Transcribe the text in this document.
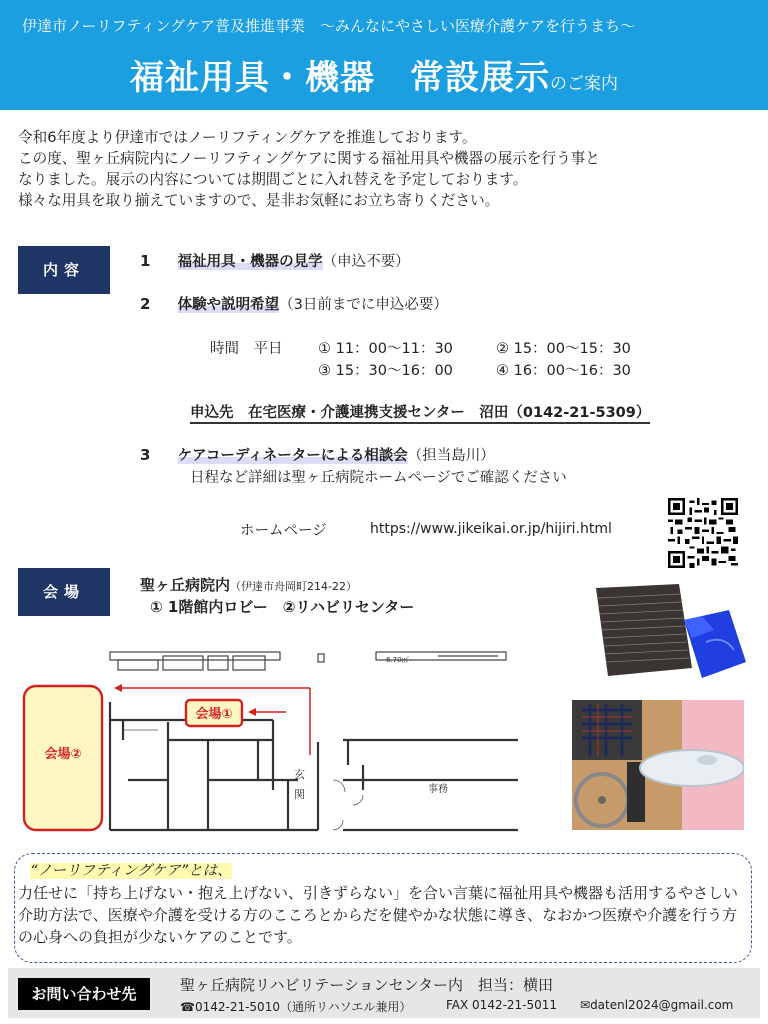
伊達市ノーリフティングケア普及推進事業　～みんなにやさしい医療介護ケアを行うまち～
福祉用具・機器　常設展示のご案内

令和6年度より伊達市ではノーリフティングケアを推進しております。

この度、聖ヶ丘病院内にノーリフティングケアに関する福祉用具や機器の展示を行う事と

なりました。展示の内容については期間ごとに入れ替えを予定しております。

様々な用具を取り揃えていますので、是非お気軽にお立ち寄りください。

内容	1 福祉用具・機器の見学（申込不要）
2 体験や説明希望（3日前までに申込必要）
時間　平日 ① 11：00～11：30	② 15：00～15：30
③ 15：30～16：00	④ 16：00～16：30
申込先　在宅医療・介護連携支援センター　沼田（0142-21-5309）
3 ケアコーディネーターによる相談会（担当島川）
日程など詳細は聖ヶ丘病院ホームページでご確認ください
ホームページ	https://www.jikeikai.or.jp/hijiri.html
会場	聖ヶ丘病院内（伊達市舟岡町214-22）
① 1階館内ロビー　②リハビリセンター
会場②
会場①
6.70㎡
玄
関	事務
“ノーリフティングケア”とは、
力任せに「持ち上げない・抱え上げない、引きずらない」を合い言葉に福祉用具や機器も活用するやさしい介助方法で、医療や介護を受ける方のこころとからだを健やかな状態に導き、なおかつ医療や介護を行う方の心身への負担が少ないケアのことです。
お問い合わせ先	聖ヶ丘病院リハビリテーションセンター内　担当：横田
☎0142-21-5010（通所リハソエル兼用）	FAX 0142-21-5011 ✉datenl2024@gmail.com
